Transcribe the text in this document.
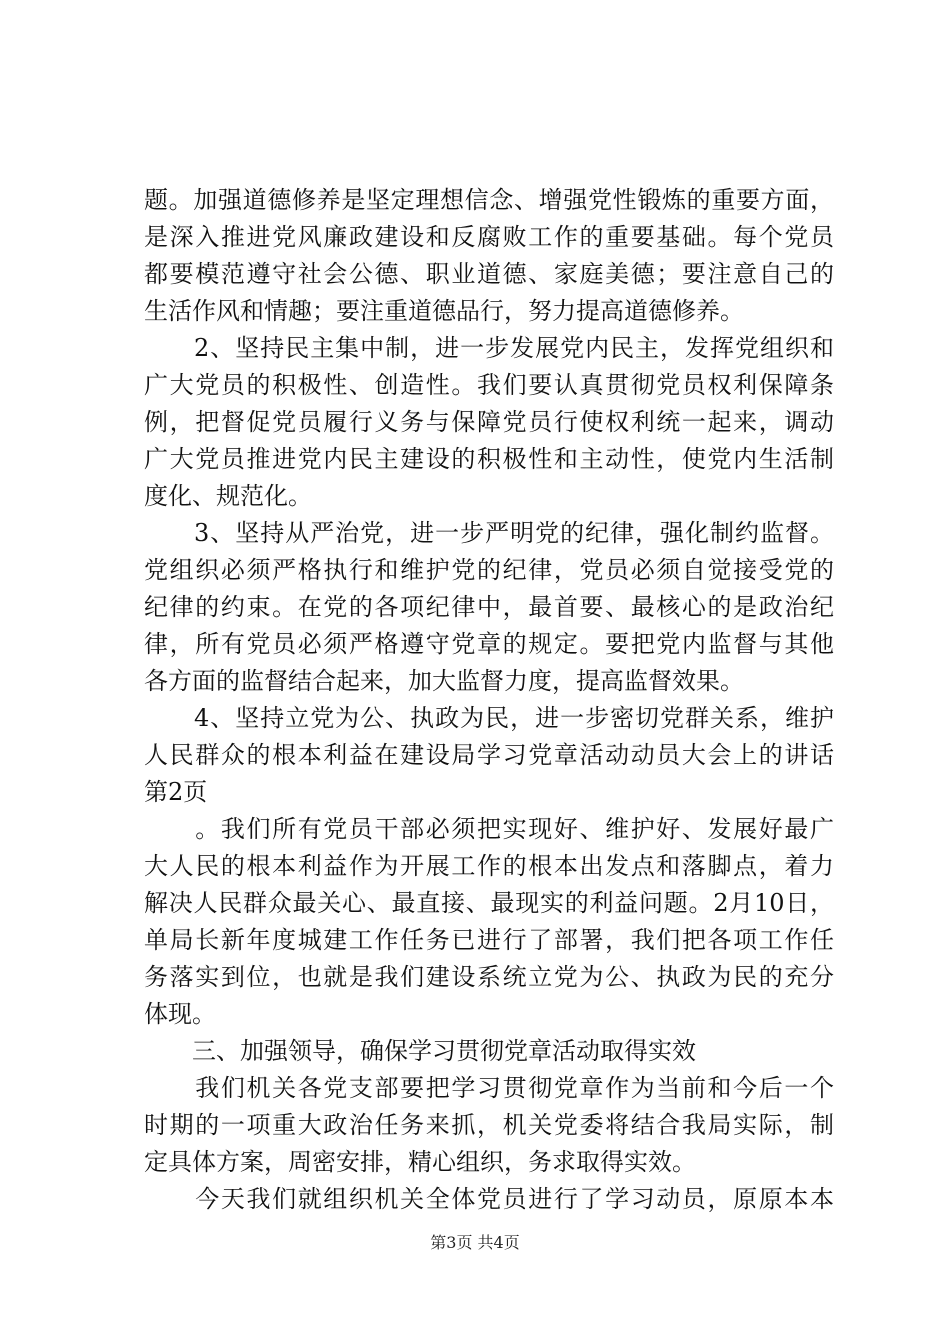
题。加强道德修养是坚定理想信念、增强党性锻炼的重要方面，
是深入推进党风廉政建设和反腐败工作的重要基础。每个党员
都要模范遵守社会公德、职业道德、家庭美德；要注意自己的
生活作风和情趣；要注重道德品行，努力提高道德修养。
　　2、坚持民主集中制，进一步发展党内民主，发挥党组织和
广大党员的积极性、创造性。我们要认真贯彻党员权利保障条
例，把督促党员履行义务与保障党员行使权利统一起来，调动
广大党员推进党内民主建设的积极性和主动性，使党内生活制
度化、规范化。
　　3、坚持从严治党，进一步严明党的纪律，强化制约监督。
党组织必须严格执行和维护党的纪律，党员必须自觉接受党的
纪律的约束。在党的各项纪律中，最首要、最核心的是政治纪
律，所有党员必须严格遵守党章的规定。要把党内监督与其他
各方面的监督结合起来，加大监督力度，提高监督效果。
　　4、坚持立党为公、执政为民，进一步密切党群关系，维护
人民群众的根本利益在建设局学习党章活动动员大会上的讲话
第2页
　　。我们所有党员干部必须把实现好、维护好、发展好最广
大人民的根本利益作为开展工作的根本出发点和落脚点，着力
解决人民群众最关心、最直接、最现实的利益问题。2月10日，
单局长新年度城建工作任务已进行了部署，我们把各项工作任
务落实到位，也就是我们建设系统立党为公、执政为民的充分
体现。
　　三、加强领导，确保学习贯彻党章活动取得实效
　　我们机关各党支部要把学习贯彻党章作为当前和今后一个
时期的一项重大政治任务来抓，机关党委将结合我局实际，制
定具体方案，周密安排，精心组织，务求取得实效。
　　今天我们就组织机关全体党员进行了学习动员，原原本本
第3页 共4页
